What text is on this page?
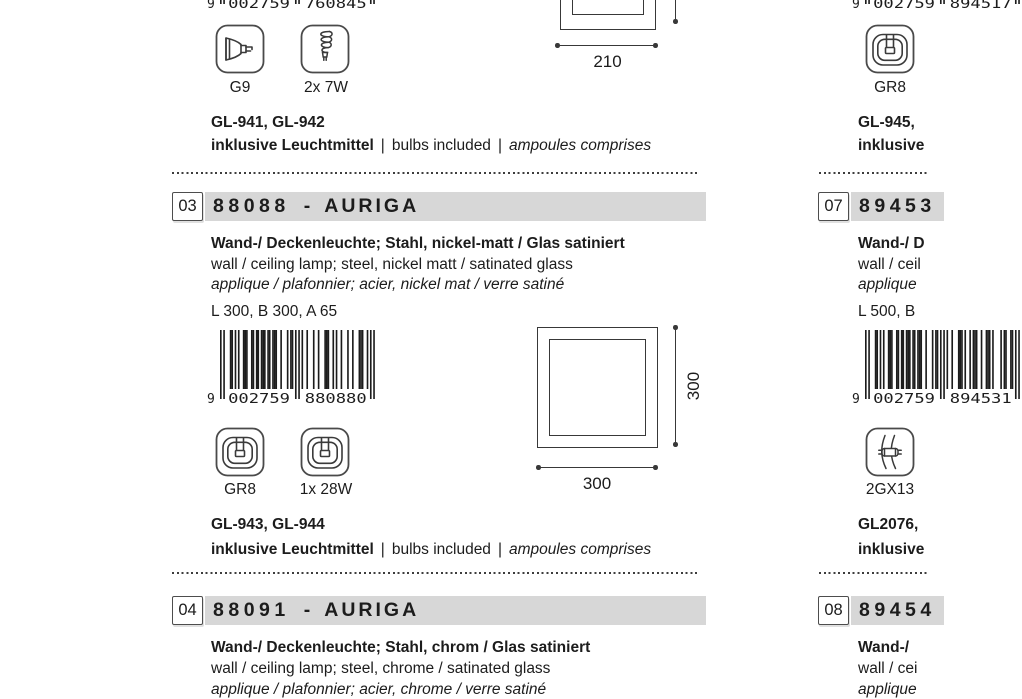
9 002759 760845
G9	2x 7W
210
GL-941, GL-942
inklusive Leuchtmittel | bulbs included | ampoules comprises
9 002759 894517
GR8
GL-945,
inklusive
03 88088 - AURIGA
Wand-/ Deckenleuchte; Stahl, nickel-matt / Glas satiniert
wall / ceiling lamp; steel, nickel matt / satinated glass
applique / plafonnier; acier, nickel mat / verre satiné
L 300, B 300, A 65
9 002759 880880	300
300
GR8	1x 28W
GL-943, GL-944
inklusive Leuchtmittel | bulbs included | ampoules comprises
07 89453
Wand-/ D
wall / ceil
applique
L 500, B
9 002759 894531
2GX13
GL2076,
inklusive
04 88091 - AURIGA
Wand-/ Deckenleuchte; Stahl, chrom / Glas satiniert
wall / ceiling lamp; steel, chrome / satinated glass
applique / plafonnier; acier, chrome / verre satiné
08 89454
Wand-/
wall / cei
applique
